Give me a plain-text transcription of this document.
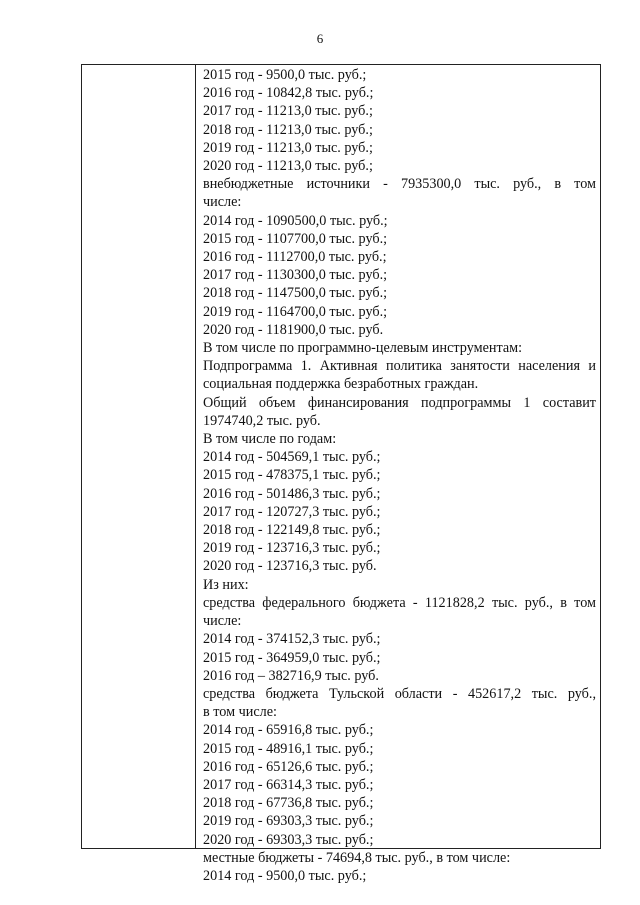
6
2015 год - 9500,0 тыс. руб.;
2016 год - 10842,8 тыс. руб.;
2017 год - 11213,0 тыс. руб.;
2018 год - 11213,0 тыс. руб.;
2019 год - 11213,0 тыс. руб.;
2020 год - 11213,0 тыс. руб.;
внебюджетные источники - 7935300,0 тыс. руб., в том
числе:
2014 год - 1090500,0 тыс. руб.;
2015 год - 1107700,0 тыс. руб.;
2016 год - 1112700,0 тыс. руб.;
2017 год - 1130300,0 тыс. руб.;
2018 год - 1147500,0 тыс. руб.;
2019 год - 1164700,0 тыс. руб.;
2020 год - 1181900,0 тыс. руб.
В том числе по программно-целевым инструментам:
Подпрограмма 1. Активная политика занятости населения и
социальная поддержка безработных граждан.
Общий объем финансирования подпрограммы 1 составит
1974740,2 тыс. руб.
В том числе по годам:
2014 год - 504569,1 тыс. руб.;
2015 год - 478375,1 тыс. руб.;
2016 год - 501486,3 тыс. руб.;
2017 год - 120727,3 тыс. руб.;
2018 год - 122149,8 тыс. руб.;
2019 год - 123716,3 тыс. руб.;
2020 год - 123716,3 тыс. руб.
Из них:
средства федерального бюджета - 1121828,2 тыс. руб., в том
числе:
2014 год - 374152,3 тыс. руб.;
2015 год - 364959,0 тыс. руб.;
2016 год – 382716,9 тыс. руб.
средства бюджета Тульской области - 452617,2 тыс. руб.,
в том числе:
2014 год - 65916,8 тыс. руб.;
2015 год - 48916,1 тыс. руб.;
2016 год - 65126,6 тыс. руб.;
2017 год - 66314,3 тыс. руб.;
2018 год - 67736,8 тыс. руб.;
2019 год - 69303,3 тыс. руб.;
2020 год - 69303,3 тыс. руб.;
местные бюджеты - 74694,8 тыс. руб., в том числе:
2014 год - 9500,0 тыс. руб.;
